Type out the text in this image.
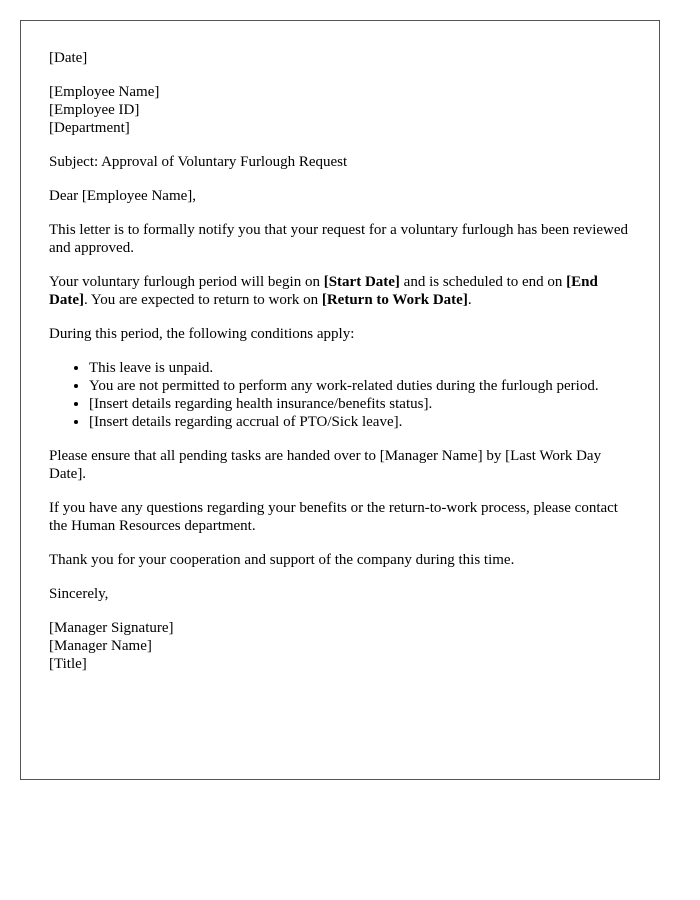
[Date]

[Employee Name]
[Employee ID]
[Department]

Subject: Approval of Voluntary Furlough Request

Dear [Employee Name],

This letter is to formally notify you that your request for a voluntary furlough has been reviewed and approved.

Your voluntary furlough period will begin on [Start Date] and is scheduled to end on [End Date]. You are expected to return to work on [Return to Work Date].

During this period, the following conditions apply:

• This leave is unpaid.
• You are not permitted to perform any work-related duties during the furlough period.
• [Insert details regarding health insurance/benefits status].
• [Insert details regarding accrual of PTO/Sick leave].

Please ensure that all pending tasks are handed over to [Manager Name] by [Last Work Day Date].

If you have any questions regarding your benefits or the return-to-work process, please contact the Human Resources department.

Thank you for your cooperation and support of the company during this time.

Sincerely,

[Manager Signature]
[Manager Name]
[Title]
